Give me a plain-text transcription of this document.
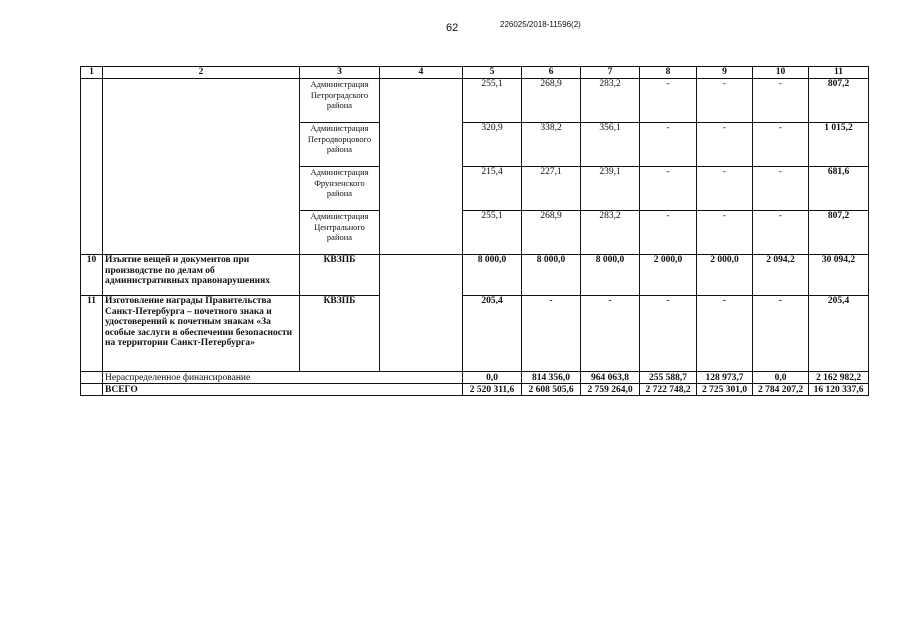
62	226025/2018-11596(2)
1	2	3	4	5	6	7	8	9	10	11
		Администрация Петроградского района		255,1	268,9	283,2	-	-	-	807,2
		Администрация Петродворцового района		320,9	338,2	356,1	-	-	-	1 015,2
		Администрация Фрунзенского района		215,4	227,1	239,1	-	-	-	681,6
		Администрация Центрального района		255,1	268,9	283,2	-	-	-	807,2
10	Изъятие вещей и документов при производстве по делам об административных правонарушениях	КВЗПБ		8 000,0	8 000,0	8 000,0	2 000,0	2 000,0	2 094,2	30 094,2
11	Изготовление награды Правительства Санкт-Петербурга – почетного знака и удостоверений к почетным знакам «За особые заслуги в обеспечении безопасности на территории Санкт-Петербурга»	КВЗПБ		205,4	-	-	-	-	-	205,4
	Нераспределенное финансирование			0,0	814 356,0	964 063,8	255 588,7	128 973,7	0,0	2 162 982,2
	ВСЕГО			2 520 311,6	2 608 505,6	2 759 264,0	2 722 748,2	2 725 301,0	2 784 207,2	16 120 337,6
